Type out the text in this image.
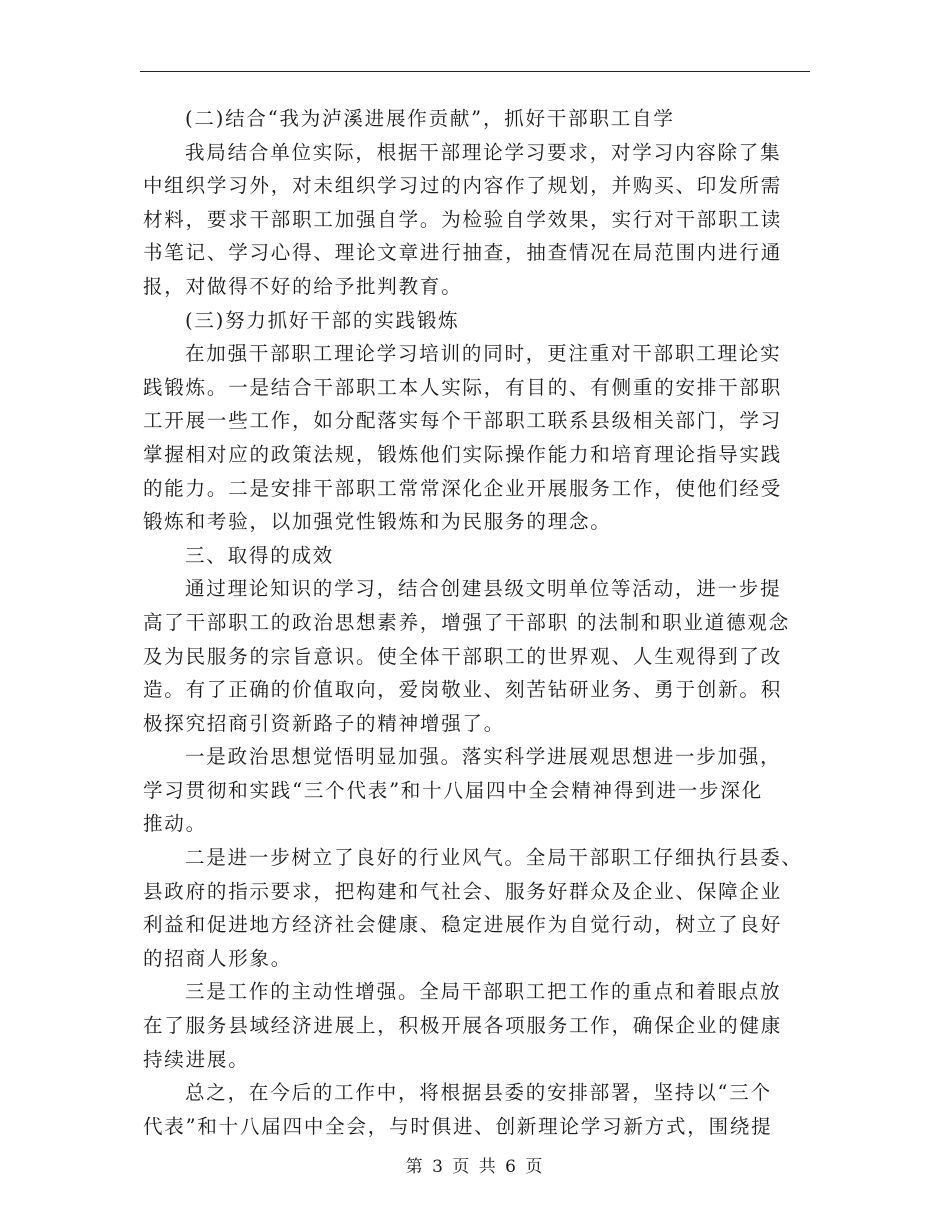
(二)结合“我为泸溪进展作贡献”，抓好干部职工自学
我局结合单位实际，根据干部理论学习要求，对学习内容除了集
中组织学习外，对未组织学习过的内容作了规划，并购买、印发所需
材料，要求干部职工加强自学。为检验自学效果，实行对干部职工读
书笔记、学习心得、理论文章进行抽查，抽查情况在局范围内进行通
报，对做得不好的给予批判教育。
(三)努力抓好干部的实践锻炼
在加强干部职工理论学习培训的同时，更注重对干部职工理论实
践锻炼。一是结合干部职工本人实际，有目的、有侧重的安排干部职
工开展一些工作，如分配落实每个干部职工联系县级相关部门，学习
掌握相对应的政策法规，锻炼他们实际操作能力和培育理论指导实践
的能力。二是安排干部职工常常深化企业开展服务工作，使他们经受
锻炼和考验，以加强党性锻炼和为民服务的理念。
三、取得的成效
通过理论知识的学习，结合创建县级文明单位等活动，进一步提
高了干部职工的政治思想素养，增强了干部职 的法制和职业道德观念
及为民服务的宗旨意识。使全体干部职工的世界观、人生观得到了改
造。有了正确的价值取向，爱岗敬业、刻苦钻研业务、勇于创新。积
极探究招商引资新路子的精神增强了。
一是政治思想觉悟明显加强。落实科学进展观思想进一步加强，
学习贯彻和实践“三个代表”和十八届四中全会精神得到进一步深化
推动。
二是进一步树立了良好的行业风气。全局干部职工仔细执行县委、
县政府的指示要求，把构建和气社会、服务好群众及企业、保障企业
利益和促进地方经济社会健康、稳定进展作为自觉行动，树立了良好
的招商人形象。
三是工作的主动性增强。全局干部职工把工作的重点和着眼点放
在了服务县域经济进展上，积极开展各项服务工作，确保企业的健康
持续进展。
总之，在今后的工作中，将根据县委的安排部署，坚持以“三个
代表”和十八届四中全会，与时俱进、创新理论学习新方式，围绕提
第 3 页 共 6 页
